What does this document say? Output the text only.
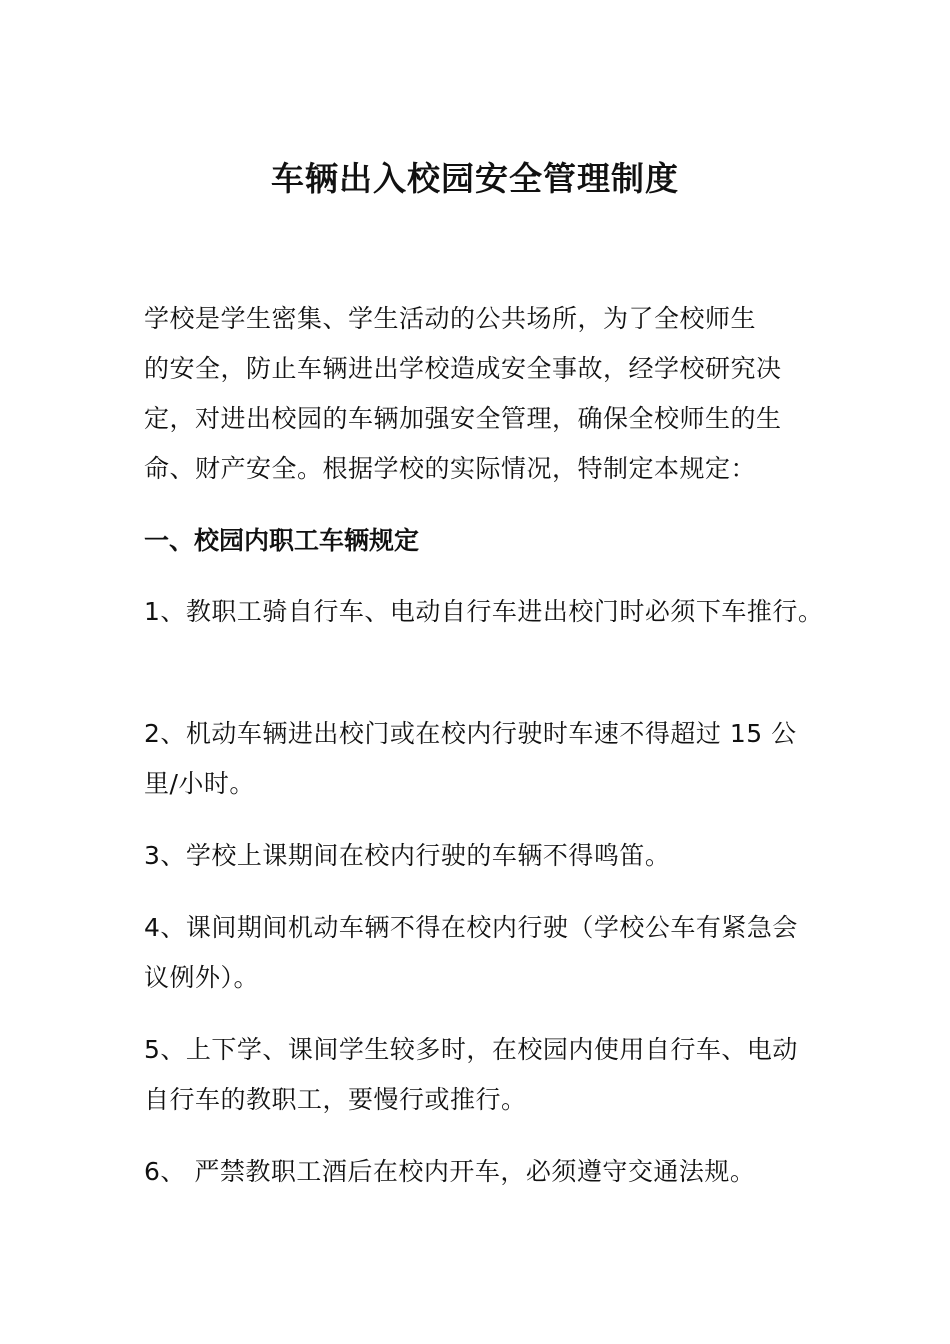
车辆出入校园安全管理制度
学校是学生密集、学生活动的公共场所，为了全校师生
的安全，防止车辆进出学校造成安全事故，经学校研究决
定，对进出校园的车辆加强安全管理，确保全校师生的生
命、财产安全。根据学校的实际情况，特制定本规定：
一、校园内职工车辆规定
1、教职工骑自行车、电动自行车进出校门时必须下车推行。
2、机动车辆进出校门或在校内行驶时车速不得超过 15 公
里/小时。
3、学校上课期间在校内行驶的车辆不得鸣笛。
4、课间期间机动车辆不得在校内行驶（学校公车有紧急会
议例外）。
5、上下学、课间学生较多时，在校园内使用自行车、电动
自行车的教职工，要慢行或推行。
6、 严禁教职工酒后在校内开车，必须遵守交通法规。
